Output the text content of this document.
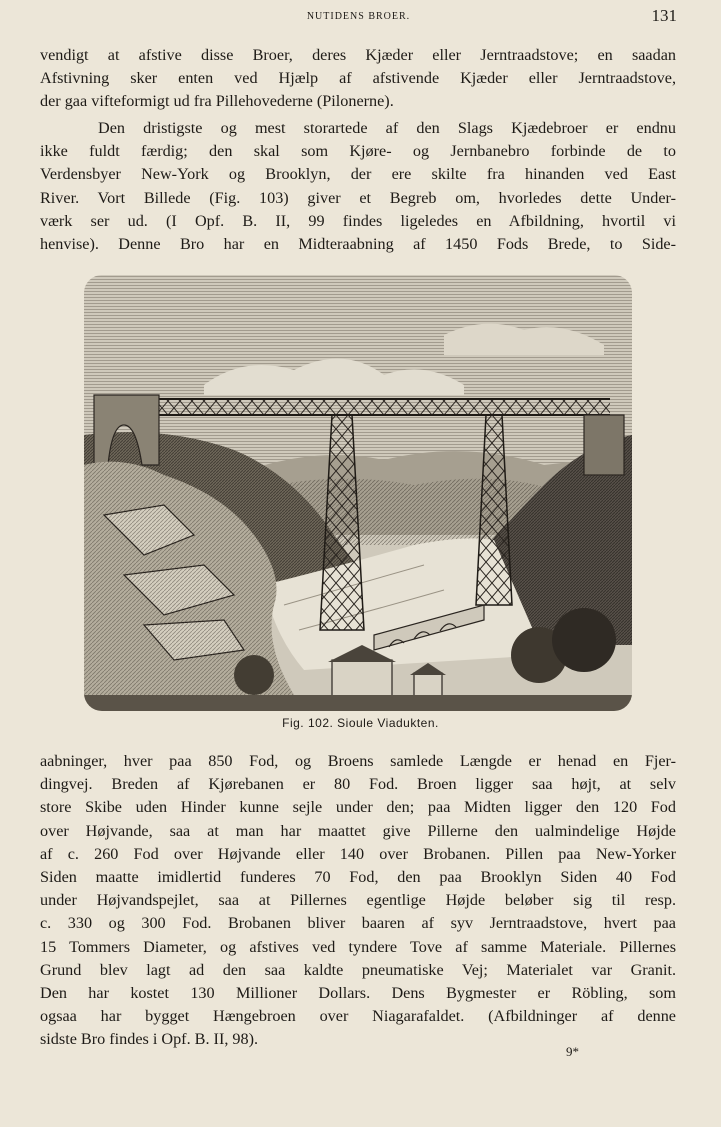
NUTIDENS BROER.	131
vendigt at afstive disse Broer, deres Kjæder eller Jerntraadstove; en saadan
Afstivning sker enten ved Hjælp af afstivende Kjæder eller Jerntraadstove,
der gaa vifteformigt ud fra Pillehovederne (Pilonerne).
Den dristigste og mest storartede af den Slags Kjædebroer er endnu
ikke fuldt færdig; den skal som Kjøre- og Jernbanebro forbinde de to
Verdensbyer New-York og Brooklyn, der ere skilte fra hinanden ved East
River. Vort Billede (Fig. 103) giver et Begreb om, hvorledes dette Under-
værk ser ud. (I Opf. B. II, 99 findes ligeledes en Afbildning, hvortil vi
henvise). Denne Bro har en Midteraabning af 1450 Fods Brede, to Side-
Fig. 102. Sioule Viadukten.
aabninger, hver paa 850 Fod, og Broens samlede Længde er henad en Fjer-
dingvej. Breden af Kjørebanen er 80 Fod. Broen ligger saa højt, at selv
store Skibe uden Hinder kunne sejle under den; paa Midten ligger den 120 Fod
over Højvande, saa at man har maattet give Pillerne den ualmindelige Højde
af c. 260 Fod over Højvande eller 140 over Brobanen. Pillen paa New-Yorker
Siden maatte imidlertid funderes 70 Fod, den paa Brooklyn Siden 40 Fod
under Højvandspejlet, saa at Pillernes egentlige Højde beløber sig til resp.
c. 330 og 300 Fod. Brobanen bliver baaren af syv Jerntraadstove, hvert paa
15 Tommers Diameter, og afstives ved tyndere Tove af samme Materiale. Pillernes
Grund blev lagt ad den saa kaldte pneumatiske Vej; Materialet var Granit.
Den har kostet 130 Millioner Dollars. Dens Bygmester er Röbling, som
ogsaa har bygget Hængebroen over Niagarafaldet. (Afbildninger af denne
sidste Bro findes i Opf. B. II, 98).
9*
